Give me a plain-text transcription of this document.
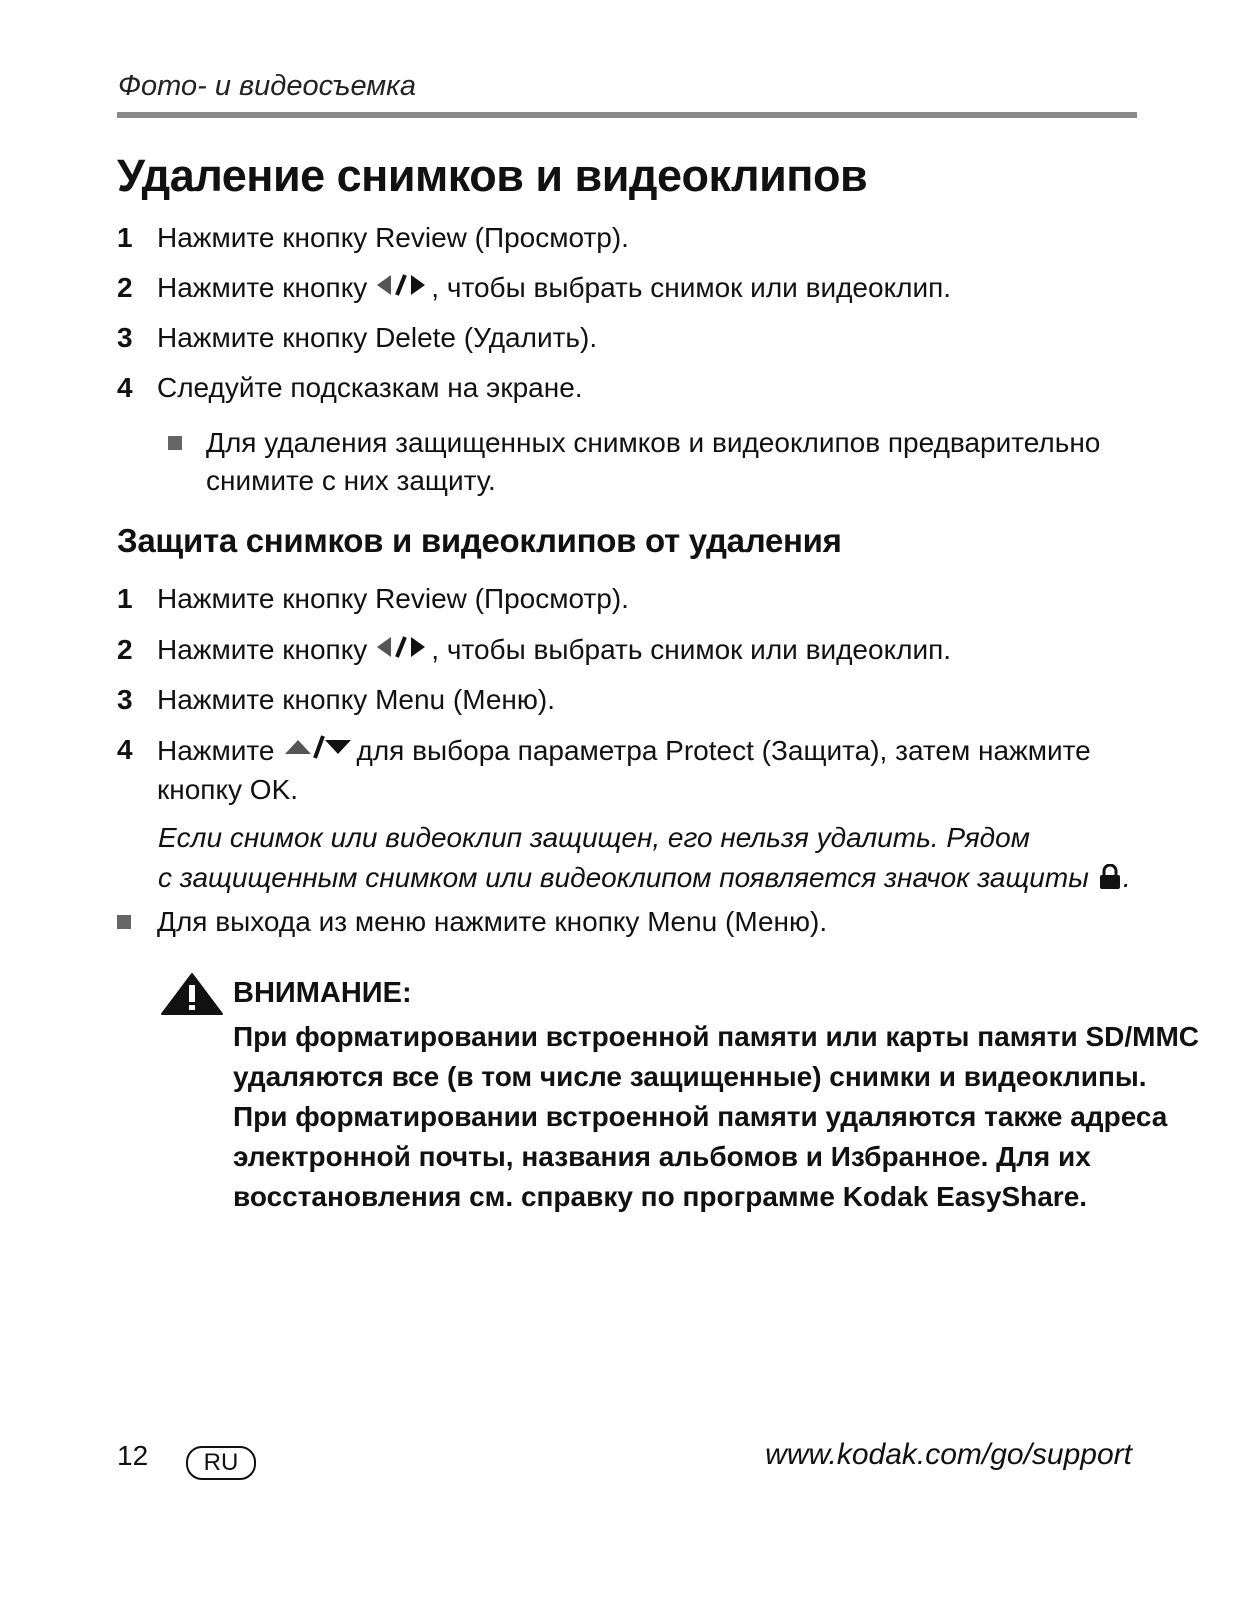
Фото- и видеосъемка
Удаление снимков и видеоклипов
1 Нажмите кнопку Review (Просмотр).
2 Нажмите кнопку , чтобы выбрать снимок или видеоклип.
3 Нажмите кнопку Delete (Удалить).
4 Следуйте подсказкам на экране.
Для удаления защищенных снимков и видеоклипов предварительно
снимите с них защиту.
Защита снимков и видеоклипов от удаления
1 Нажмите кнопку Review (Просмотр).
2 Нажмите кнопку , чтобы выбрать снимок или видеоклип.
3 Нажмите кнопку Menu (Меню).
4 Нажмите	для выбора параметра Protect (Защита), затем нажмите
кнопку OK.
Если снимок или видеоклип защищен, его нельзя удалить. Рядом
с защищенным снимком или видеоклипом появляется значок защиты .
Для выхода из меню нажмите кнопку Menu (Меню).
ВНИМАНИЕ:
При форматировании встроенной памяти или карты памяти SD/MMC
удаляются все (в том числе защищенные) снимки и видеоклипы.
При форматировании встроенной памяти удаляются также адреса
электронной почты, названия альбомов и Избранное. Для их
восстановления см. справку по программе Kodak EasyShare.
12	RU	www.kodak.com/go/support
